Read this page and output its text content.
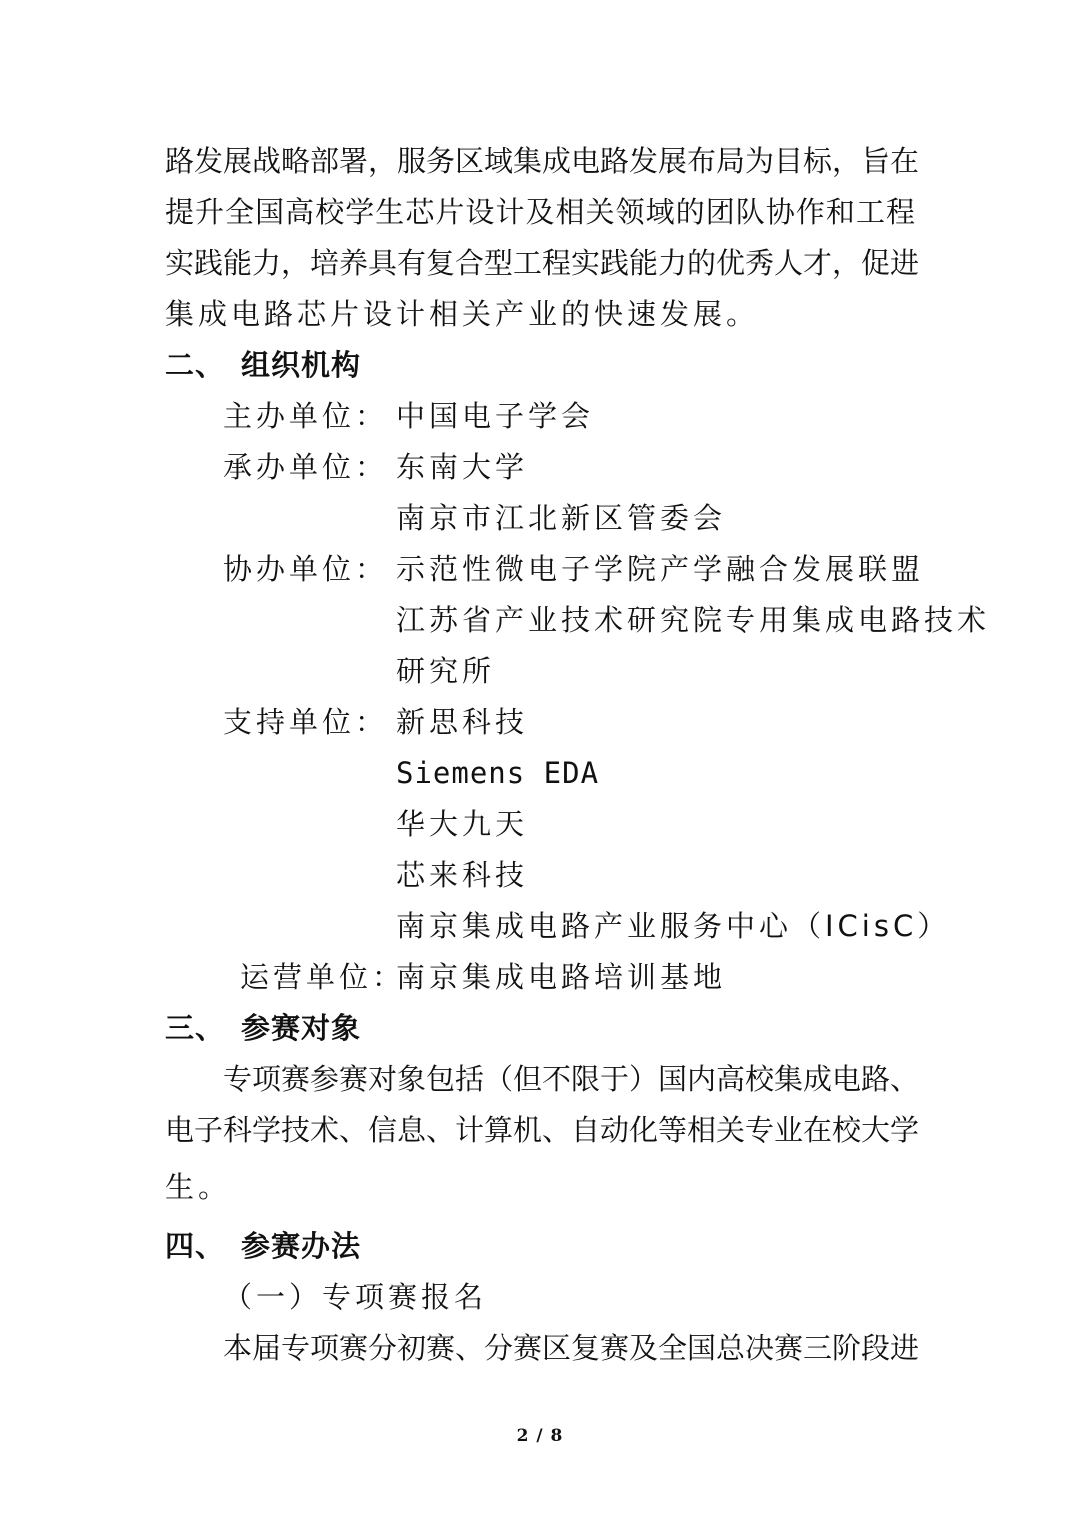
路发展战略部署，服务区域集成电路发展布局为目标，旨在
提升全国高校学生芯片设计及相关领域的团队协作和工程
实践能力，培养具有复合型工程实践能力的优秀人才，促进
集成电路芯片设计相关产业的快速发展。
二、 组织机构
主办单位： 中国电子学会
承办单位： 东南大学
南京市江北新区管委会
协办单位： 示范性微电子学院产学融合发展联盟
江苏省产业技术研究院专用集成电路技术
研究所
支持单位： 新思科技
Siemens EDA
华大九天
芯来科技
南京集成电路产业服务中心（ICisC）
运营单位：
南京集成电路培训基地
三、 参赛对象
专项赛参赛对象包括（但不限于）国内高校集成电路、
电子科学技术、信息、计算机、自动化等相关专业在校大学
生。
四、 参赛办法
（一）专项赛报名
本届专项赛分初赛、分赛区复赛及全国总决赛三阶段进
2 / 8
